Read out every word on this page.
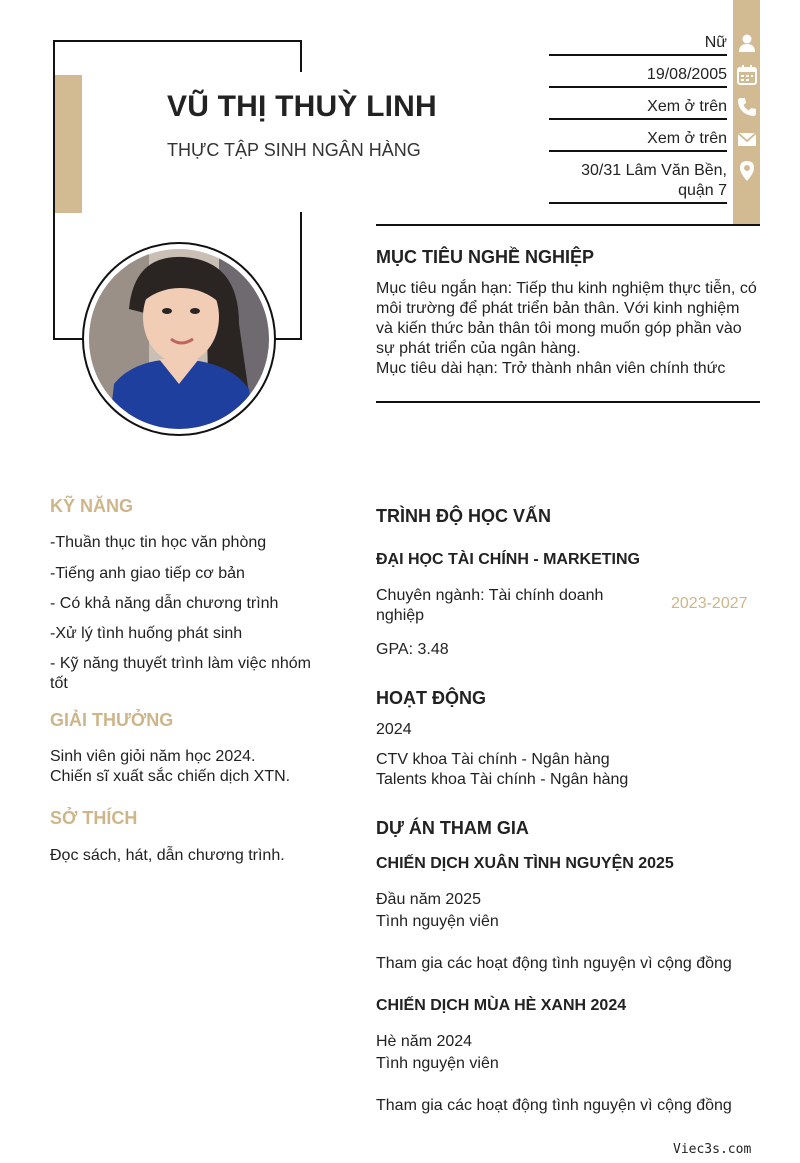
VŨ THỊ THUỲ LINH
THỰC TẬP SINH NGÂN HÀNG
Nữ
19/08/2005
Xem ở trên
Xem ở trên
30/31 Lâm Văn Bền,
quận 7
MỤC TIÊU NGHỀ NGHIỆP
Mục tiêu ngắn hạn: Tiếp thu kinh nghiệm thực tiễn, có môi trường để phát triển bản thân. Với kinh nghiệm và kiến thức bản thân tôi mong muốn góp phần vào sự phát triển của ngân hàng.
Mục tiêu dài hạn: Trở thành nhân viên chính thức
KỸ NĂNG
-Thuần thục tin học văn phòng
-Tiếng anh giao tiếp cơ bản
- Có khả năng dẫn chương trình
-Xử lý tình huống phát sinh
- Kỹ năng thuyết trình làm việc nhóm tốt
GIẢI THƯỞNG
Sinh viên giỏi năm học 2024.
Chiến sĩ xuất sắc chiến dịch XTN.
SỞ THÍCH
Đọc sách, hát, dẫn chương trình.
TRÌNH ĐỘ HỌC VẤN
ĐẠI HỌC TÀI CHÍNH - MARKETING
Chuyên ngành: Tài chính doanh nghiệp
2023-2027
GPA: 3.48
HOẠT ĐỘNG
2024
CTV khoa Tài chính - Ngân hàng
Talents khoa Tài chính - Ngân hàng
DỰ ÁN THAM GIA
CHIẾN DỊCH XUÂN TÌNH NGUYỆN 2025
Đầu năm 2025
Tình nguyện viên
Tham gia các hoạt động tình nguyện vì cộng đồng
CHIẾN DỊCH MÙA HÈ XANH 2024
Hè năm 2024
Tình nguyện viên
Tham gia các hoạt động tình nguyện vì cộng đồng
Viec3s.com
